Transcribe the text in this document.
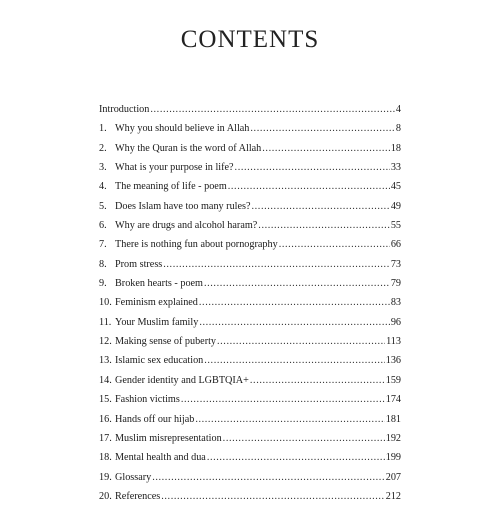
CONTENTS
Introduction .....	4
1. Why you should believe in Allah .....	8
2. Why the Quran is the word of Allah .....	18
3. What is your purpose in life? .....	33
4. The meaning of life - poem .....	45
5. Does Islam have too many rules? .....	49
6. Why are drugs and alcohol haram? .....	55
7. There is nothing fun about pornography .....	66
8. Prom stress .....	73
9. Broken hearts - poem .....	79
10. Feminism explained .....	83
11. Your Muslim family .....	96
12. Making sense of puberty .....	113
13. Islamic sex education .....	136
14. Gender identity and LGBTQIA+ .....	159
15. Fashion victims .....	174
16. Hands off our hijab .....	181
17. Muslim misrepresentation .....	192
18. Mental health and dua .....	199
19. Glossary .....	207
20. References .....	212
